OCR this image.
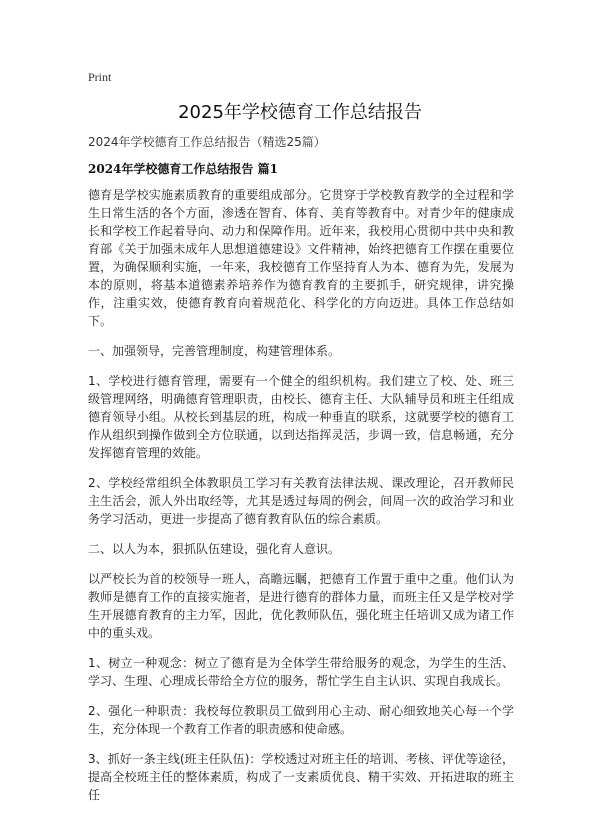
Print
2025年学校德育工作总结报告
2024年学校德育工作总结报告（精选25篇）
2024年学校德育工作总结报告 篇1

德育是学校实施素质教育的重要组成部分。它贯穿于学校教育教学的全过程和学生日常生活的各个方面，渗透在智育、体育、美育等教育中。对青少年的健康成长和学校工作起着导向、动力和保障作用。近年来，我校用心贯彻中共中央和教育部《关于加强未成年人思想道德建设》文件精神，始终把德育工作摆在重要位置，为确保顺利实施，一年来，我校德育工作坚持育人为本、德育为先，发展为本的原则，将基本道德素养培养作为德育教育的主要抓手，研究规律，讲究操作，注重实效，使德育教育向着规范化、科学化的方向迈进。具体工作总结如下。

一、加强领导，完善管理制度，构建管理体系。

1、学校进行德育管理，需要有一个健全的组织机构。我们建立了校、处、班三级管理网络，明确德育管理职责，由校长、德育主任、大队辅导员和班主任组成德育领导小组。从校长到基层的班，构成一种垂直的联系，这就要学校的德育工作从组织到操作做到全方位联通，以到达指挥灵活，步调一致，信息畅通，充分发挥德育管理的效能。

2、学校经常组织全体教职员工学习有关教育法律法规、课改理论，召开教师民主生活会，派人外出取经等，尤其是透过每周的例会，间周一次的政治学习和业务学习活动，更进一步提高了德育教育队伍的综合素质。

二、以人为本，狠抓队伍建设，强化育人意识。

以严校长为首的校领导一班人，高瞻远瞩，把德育工作置于重中之重。他们认为教师是德育工作的直接实施者，是进行德育的群体力量，而班主任又是学校对学生开展德育教育的主力军，因此，优化教师队伍，强化班主任培训又成为诸工作中的重头戏。

1、树立一种观念：树立了德育是为全体学生带给服务的观念，为学生的生活、学习、生理、心理成长带给全方位的服务，帮忙学生自主认识、实现自我成长。

2、强化一种职责：我校每位教职员工做到用心主动、耐心细致地关心每一个学生，充分体现一个教育工作者的职责感和使命感。

3、抓好一条主线(班主任队伍)：学校透过对班主任的培训、考核、评优等途径，提高全校班主任的整体素质，构成了一支素质优良、精干实效、开拓进取的班主任
